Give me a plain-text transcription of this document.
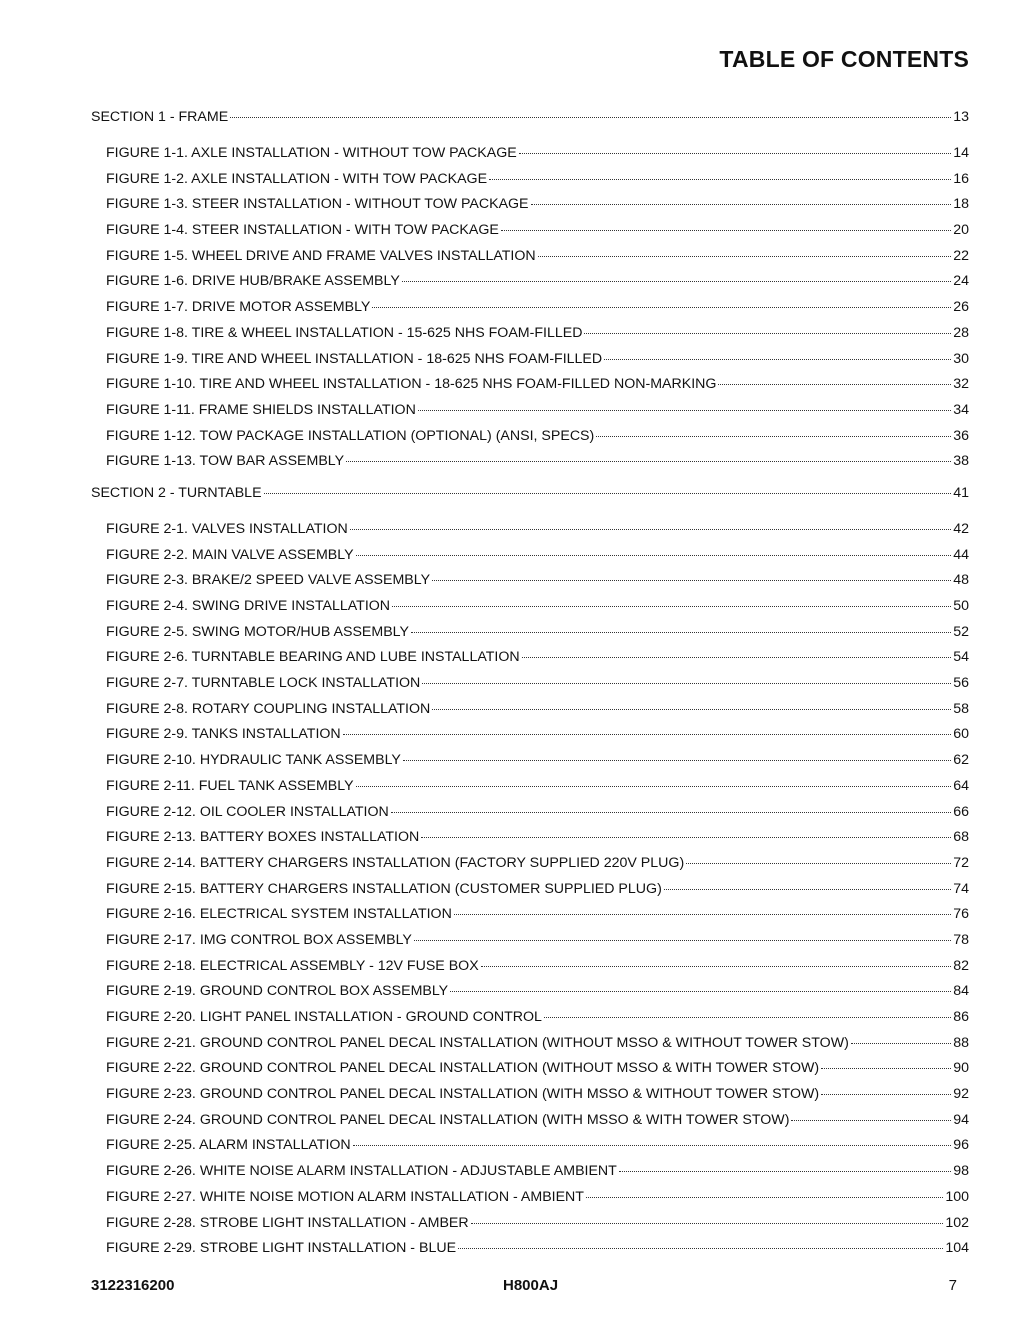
TABLE OF CONTENTS
SECTION 1 - FRAME	13
FIGURE 1-1. AXLE INSTALLATION - WITHOUT TOW PACKAGE	14
FIGURE 1-2. AXLE INSTALLATION - WITH TOW PACKAGE	16
FIGURE 1-3. STEER INSTALLATION - WITHOUT TOW PACKAGE	18
FIGURE 1-4. STEER INSTALLATION - WITH TOW PACKAGE	20
FIGURE 1-5. WHEEL DRIVE AND FRAME VALVES INSTALLATION	22
FIGURE 1-6. DRIVE HUB/BRAKE ASSEMBLY	24
FIGURE 1-7. DRIVE MOTOR ASSEMBLY	26
FIGURE 1-8. TIRE & WHEEL INSTALLATION - 15-625 NHS FOAM-FILLED	28
FIGURE 1-9. TIRE AND WHEEL INSTALLATION - 18-625 NHS FOAM-FILLED	30
FIGURE 1-10. TIRE AND WHEEL INSTALLATION - 18-625 NHS FOAM-FILLED NON-MARKING	32
FIGURE 1-11. FRAME SHIELDS INSTALLATION	34
FIGURE 1-12. TOW PACKAGE INSTALLATION (OPTIONAL) (ANSI, SPECS)	36
FIGURE 1-13. TOW BAR ASSEMBLY	38
SECTION 2 - TURNTABLE	41
FIGURE 2-1. VALVES INSTALLATION	42
FIGURE 2-2. MAIN VALVE ASSEMBLY	44
FIGURE 2-3. BRAKE/2 SPEED VALVE ASSEMBLY	48
FIGURE 2-4. SWING DRIVE INSTALLATION	50
FIGURE 2-5. SWING MOTOR/HUB ASSEMBLY	52
FIGURE 2-6. TURNTABLE BEARING AND LUBE INSTALLATION	54
FIGURE 2-7. TURNTABLE LOCK INSTALLATION	56
FIGURE 2-8. ROTARY COUPLING INSTALLATION	58
FIGURE 2-9. TANKS INSTALLATION	60
FIGURE 2-10. HYDRAULIC TANK ASSEMBLY	62
FIGURE 2-11. FUEL TANK ASSEMBLY	64
FIGURE 2-12. OIL COOLER INSTALLATION	66
FIGURE 2-13. BATTERY BOXES INSTALLATION	68
FIGURE 2-14. BATTERY CHARGERS INSTALLATION (FACTORY SUPPLIED 220V PLUG)	72
FIGURE 2-15. BATTERY CHARGERS INSTALLATION (CUSTOMER SUPPLIED PLUG)	74
FIGURE 2-16. ELECTRICAL SYSTEM INSTALLATION	76
FIGURE 2-17. IMG CONTROL BOX ASSEMBLY	78
FIGURE 2-18. ELECTRICAL ASSEMBLY - 12V FUSE BOX	82
FIGURE 2-19. GROUND CONTROL BOX ASSEMBLY	84
FIGURE 2-20. LIGHT PANEL INSTALLATION - GROUND CONTROL	86
FIGURE 2-21. GROUND CONTROL PANEL DECAL INSTALLATION (WITHOUT MSSO & WITHOUT TOWER STOW)	88
FIGURE 2-22. GROUND CONTROL PANEL DECAL INSTALLATION (WITHOUT MSSO & WITH TOWER STOW)	90
FIGURE 2-23. GROUND CONTROL PANEL DECAL INSTALLATION (WITH MSSO & WITHOUT TOWER STOW)	92
FIGURE 2-24. GROUND CONTROL PANEL DECAL INSTALLATION (WITH MSSO & WITH TOWER STOW)	94
FIGURE 2-25. ALARM INSTALLATION	96
FIGURE 2-26. WHITE NOISE ALARM INSTALLATION - ADJUSTABLE AMBIENT	98
FIGURE 2-27. WHITE NOISE MOTION ALARM INSTALLATION - AMBIENT	100
FIGURE 2-28. STROBE LIGHT INSTALLATION - AMBER	102
FIGURE 2-29. STROBE LIGHT INSTALLATION - BLUE	104
3122316200	H800AJ	7
